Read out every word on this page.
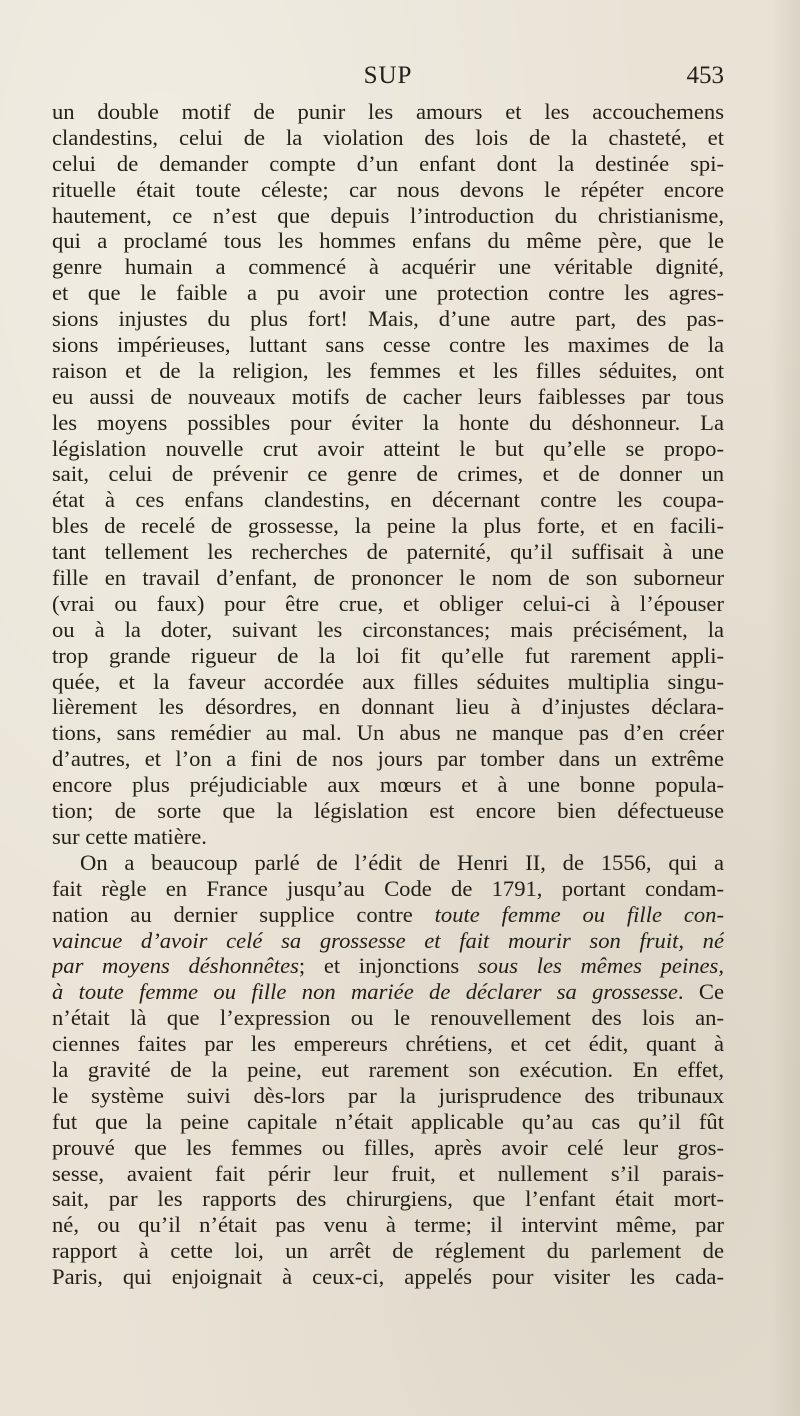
SUP	453
un double motif de punir les amours et les accouchemens
clandestins, celui de la violation des lois de la chasteté, et
celui de demander compte d’un enfant dont la destinée spi-
rituelle était toute céleste; car nous devons le répéter encore
hautement, ce n’est que depuis l’introduction du christianisme,
qui a proclamé tous les hommes enfans du même père, que le
genre humain a commencé à acquérir une véritable dignité,
et que le faible a pu avoir une protection contre les agres-
sions injustes du plus fort! Mais, d’une autre part, des pas-
sions impérieuses, luttant sans cesse contre les maximes de la
raison et de la religion, les femmes et les filles séduites, ont
eu aussi de nouveaux motifs de cacher leurs faiblesses par tous
les moyens possibles pour éviter la honte du déshonneur. La
législation nouvelle crut avoir atteint le but qu’elle se propo-
sait, celui de prévenir ce genre de crimes, et de donner un
état à ces enfans clandestins, en décernant contre les coupa-
bles de recelé de grossesse, la peine la plus forte, et en facili-
tant tellement les recherches de paternité, qu’il suffisait à une
fille en travail d’enfant, de prononcer le nom de son suborneur
(vrai ou faux) pour être crue, et obliger celui-ci à l’épouser
ou à la doter, suivant les circonstances; mais précisément, la
trop grande rigueur de la loi fit qu’elle fut rarement appli-
quée, et la faveur accordée aux filles séduites multiplia singu-
lièrement les désordres, en donnant lieu à d’injustes déclara-
tions, sans remédier au mal. Un abus ne manque pas d’en créer
d’autres, et l’on a fini de nos jours par tomber dans un extrême
encore plus préjudiciable aux mœurs et à une bonne popula-
tion; de sorte que la législation est encore bien défectueuse
sur cette matière.
On a beaucoup parlé de l’édit de Henri II, de 1556, qui a
fait règle en France jusqu’au Code de 1791, portant condam-
nation au dernier supplice contre toute femme ou fille con-
vaincue d’avoir celé sa grossesse et fait mourir son fruit, né
par moyens déshonnêtes; et injonctions sous les mêmes peines,
à toute femme ou fille non mariée de déclarer sa grossesse. Ce
n’était là que l’expression ou le renouvellement des lois an-
ciennes faites par les empereurs chrétiens, et cet édit, quant à
la gravité de la peine, eut rarement son exécution. En effet,
le système suivi dès-lors par la jurisprudence des tribunaux
fut que la peine capitale n’était applicable qu’au cas qu’il fût
prouvé que les femmes ou filles, après avoir celé leur gros-
sesse, avaient fait périr leur fruit, et nullement s’il parais-
sait, par les rapports des chirurgiens, que l’enfant était mort-
né, ou qu’il n’était pas venu à terme; il intervint même, par
rapport à cette loi, un arrêt de réglement du parlement de
Paris, qui enjoignait à ceux-ci, appelés pour visiter les cada-
